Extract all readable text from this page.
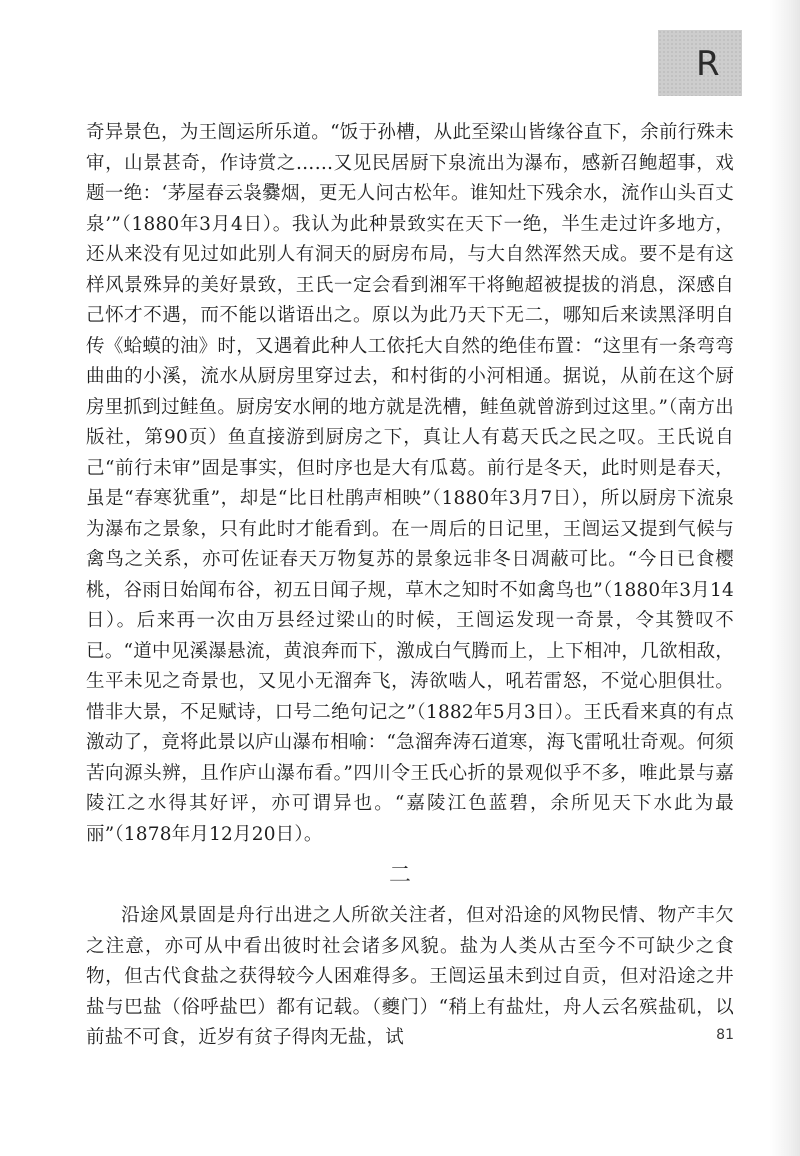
R

奇异景色，为王闿运所乐道。“饭于孙槽，从此至梁山皆缘谷直下，余前行殊未审，山景甚奇，作诗赏之……又见民居厨下泉流出为瀑布，感新召鲍超事，戏题一绝：‘茅屋春云袅爨烟，更无人问古松年。谁知灶下残余水，流作山头百丈泉’”（1880年3月4日）。我认为此种景致实在天下一绝，半生走过许多地方，还从来没有见过如此别人有洞天的厨房布局，与大自然浑然天成。要不是有这样风景殊异的美好景致，王氏一定会看到湘军干将鲍超被提拔的消息，深感自己怀才不遇，而不能以谐语出之。原以为此乃天下无二，哪知后来读黑泽明自传《蛤蟆的油》时，又遇着此种人工依托大自然的绝佳布置：“这里有一条弯弯曲曲的小溪，流水从厨房里穿过去，和村街的小河相通。据说，从前在这个厨房里抓到过鲑鱼。厨房安水闸的地方就是洗槽，鲑鱼就曾游到过这里。”（南方出版社，第90页）鱼直接游到厨房之下，真让人有葛天氏之民之叹。王氏说自己“前行未审”固是事实，但时序也是大有瓜葛。前行是冬天，此时则是春天，虽是“春寒犹重”，却是“比日杜鹃声相映”（1880年3月7日），所以厨房下流泉为瀑布之景象，只有此时才能看到。在一周后的日记里，王闿运又提到气候与禽鸟之关系，亦可佐证春天万物复苏的景象远非冬日凋蔽可比。“今日已食樱桃，谷雨日始闻布谷，初五日闻子规，草木之知时不如禽鸟也”（1880年3月14日）。后来再一次由万县经过梁山的时候，王闿运发现一奇景，令其赞叹不已。“道中见溪瀑悬流，黄浪奔而下，激成白气腾而上，上下相冲，几欲相敌，生平未见之奇景也，又见小无溜奔飞，涛欲啮人，吼若雷怒，不觉心胆俱壮。惜非大景，不足赋诗，口号二绝句记之”（1882年5月3日）。王氏看来真的有点激动了，竟将此景以庐山瀑布相喻：“急溜奔涛石道寒，海飞雷吼壮奇观。何须苦向源头辨，且作庐山瀑布看。”四川令王氏心折的景观似乎不多，唯此景与嘉陵江之水得其好评，亦可谓异也。“嘉陵江色蓝碧，余所见天下水此为最丽”（1878年月12月20日）。

二

沿途风景固是舟行出进之人所欲关注者，但对沿途的风物民情、物产丰欠之注意，亦可从中看出彼时社会诸多风貌。盐为人类从古至今不可缺少之食物，但古代食盐之获得较今人困难得多。王闿运虽未到过自贡，但对沿途之井盐与巴盐（俗呼盐巴）都有记载。（夔门）“稍上有盐灶，舟人云名殡盐矶，以前盐不可食，近岁有贫子得肉无盐，试	81
